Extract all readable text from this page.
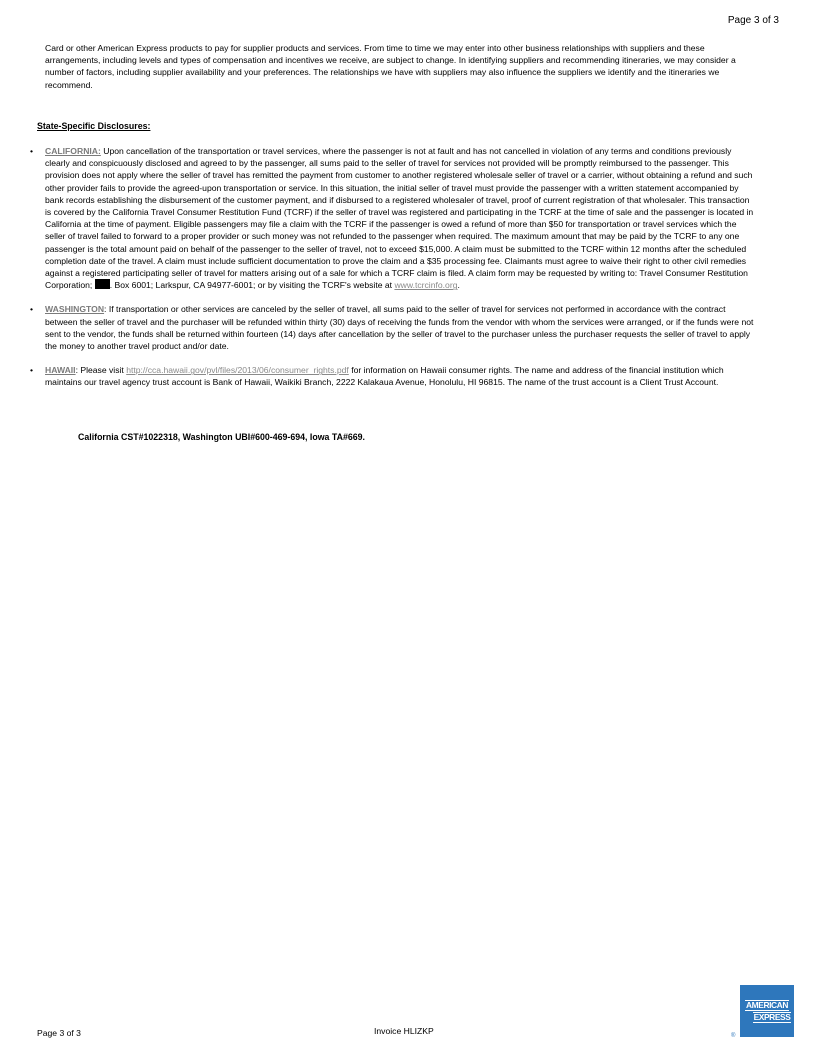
Page 3 of 3
Card or other American Express products to pay for supplier products and services. From time to time we may enter into other business relationships with suppliers and these arrangements, including levels and types of compensation and incentives we receive, are subject to change. In identifying suppliers and recommending itineraries, we may consider a number of factors, including supplier availability and your preferences. The relationships we have with suppliers may also influence the suppliers we identify and the itineraries we recommend.
State-Specific Disclosures:
• CALIFORNIA: Upon cancellation of the transportation or travel services, where the passenger is not at fault and has not cancelled in violation of any terms and conditions previously clearly and conspicuously disclosed and agreed to by the passenger, all sums paid to the seller of travel for services not provided will be promptly reimbursed to the passenger. This provision does not apply where the seller of travel has remitted the payment from customer to another registered wholesale seller of travel or a carrier, without obtaining a refund and such other provider fails to provide the agreed-upon transportation or service. In this situation, the initial seller of travel must provide the passenger with a written statement accompanied by bank records establishing the disbursement of the customer payment, and if disbursed to a registered wholesaler of travel, proof of current registration of that wholesaler. This transaction is covered by the California Travel Consumer Restitution Fund (TCRF) if the seller of travel was registered and participating in the TCRF at the time of sale and the passenger is located in California at the time of payment. Eligible passengers may file a claim with the TCRF if the passenger is owed a refund of more than $50 for transportation or travel services which the seller of travel failed to forward to a proper provider or such money was not refunded to the passenger when required. The maximum amount that may be paid by the TCRF to any one passenger is the total amount paid on behalf of the passenger to the seller of travel, not to exceed $15,000. A claim must be submitted to the TCRF within 12 months after the scheduled completion date of the travel. A claim must include sufficient documentation to prove the claim and a $35 processing fee. Claimants must agree to waive their right to other civil remedies against a registered participating seller of travel for matters arising out of a sale for which a TCRF claim is filed. A claim form may be requested by writing to: Travel Consumer Restitution Corporation; . Box 6001; Larkspur, CA 94977-6001; or by visiting the TCRF's website at www.tcrcinfo.org.
• WASHINGTON: If transportation or other services are canceled by the seller of travel, all sums paid to the seller of travel for services not performed in accordance with the contract between the seller of travel and the purchaser will be refunded within thirty (30) days of receiving the funds from the vendor with whom the services were arranged, or if the funds were not sent to the vendor, the funds shall be returned within fourteen (14) days after cancellation by the seller of travel to the purchaser unless the purchaser requests the seller of travel to apply the money to another travel product and/or date.
• HAWAII: Please visit http://cca.hawaii.gov/pvl/files/2013/06/consumer_rights.pdf for information on Hawaii consumer rights. The name and address of the financial institution which maintains our travel agency trust account is Bank of Hawaii, Waikiki Branch, 2222 Kalakaua Avenue, Honolulu, HI 96815. The name of the trust account is a Client Trust Account.
California CST#1022318, Washington UBI#600-469-694, Iowa TA#669.
Page 3 of 3	Invoice HLIZKP
AMERICAN
EXPRESS
®
